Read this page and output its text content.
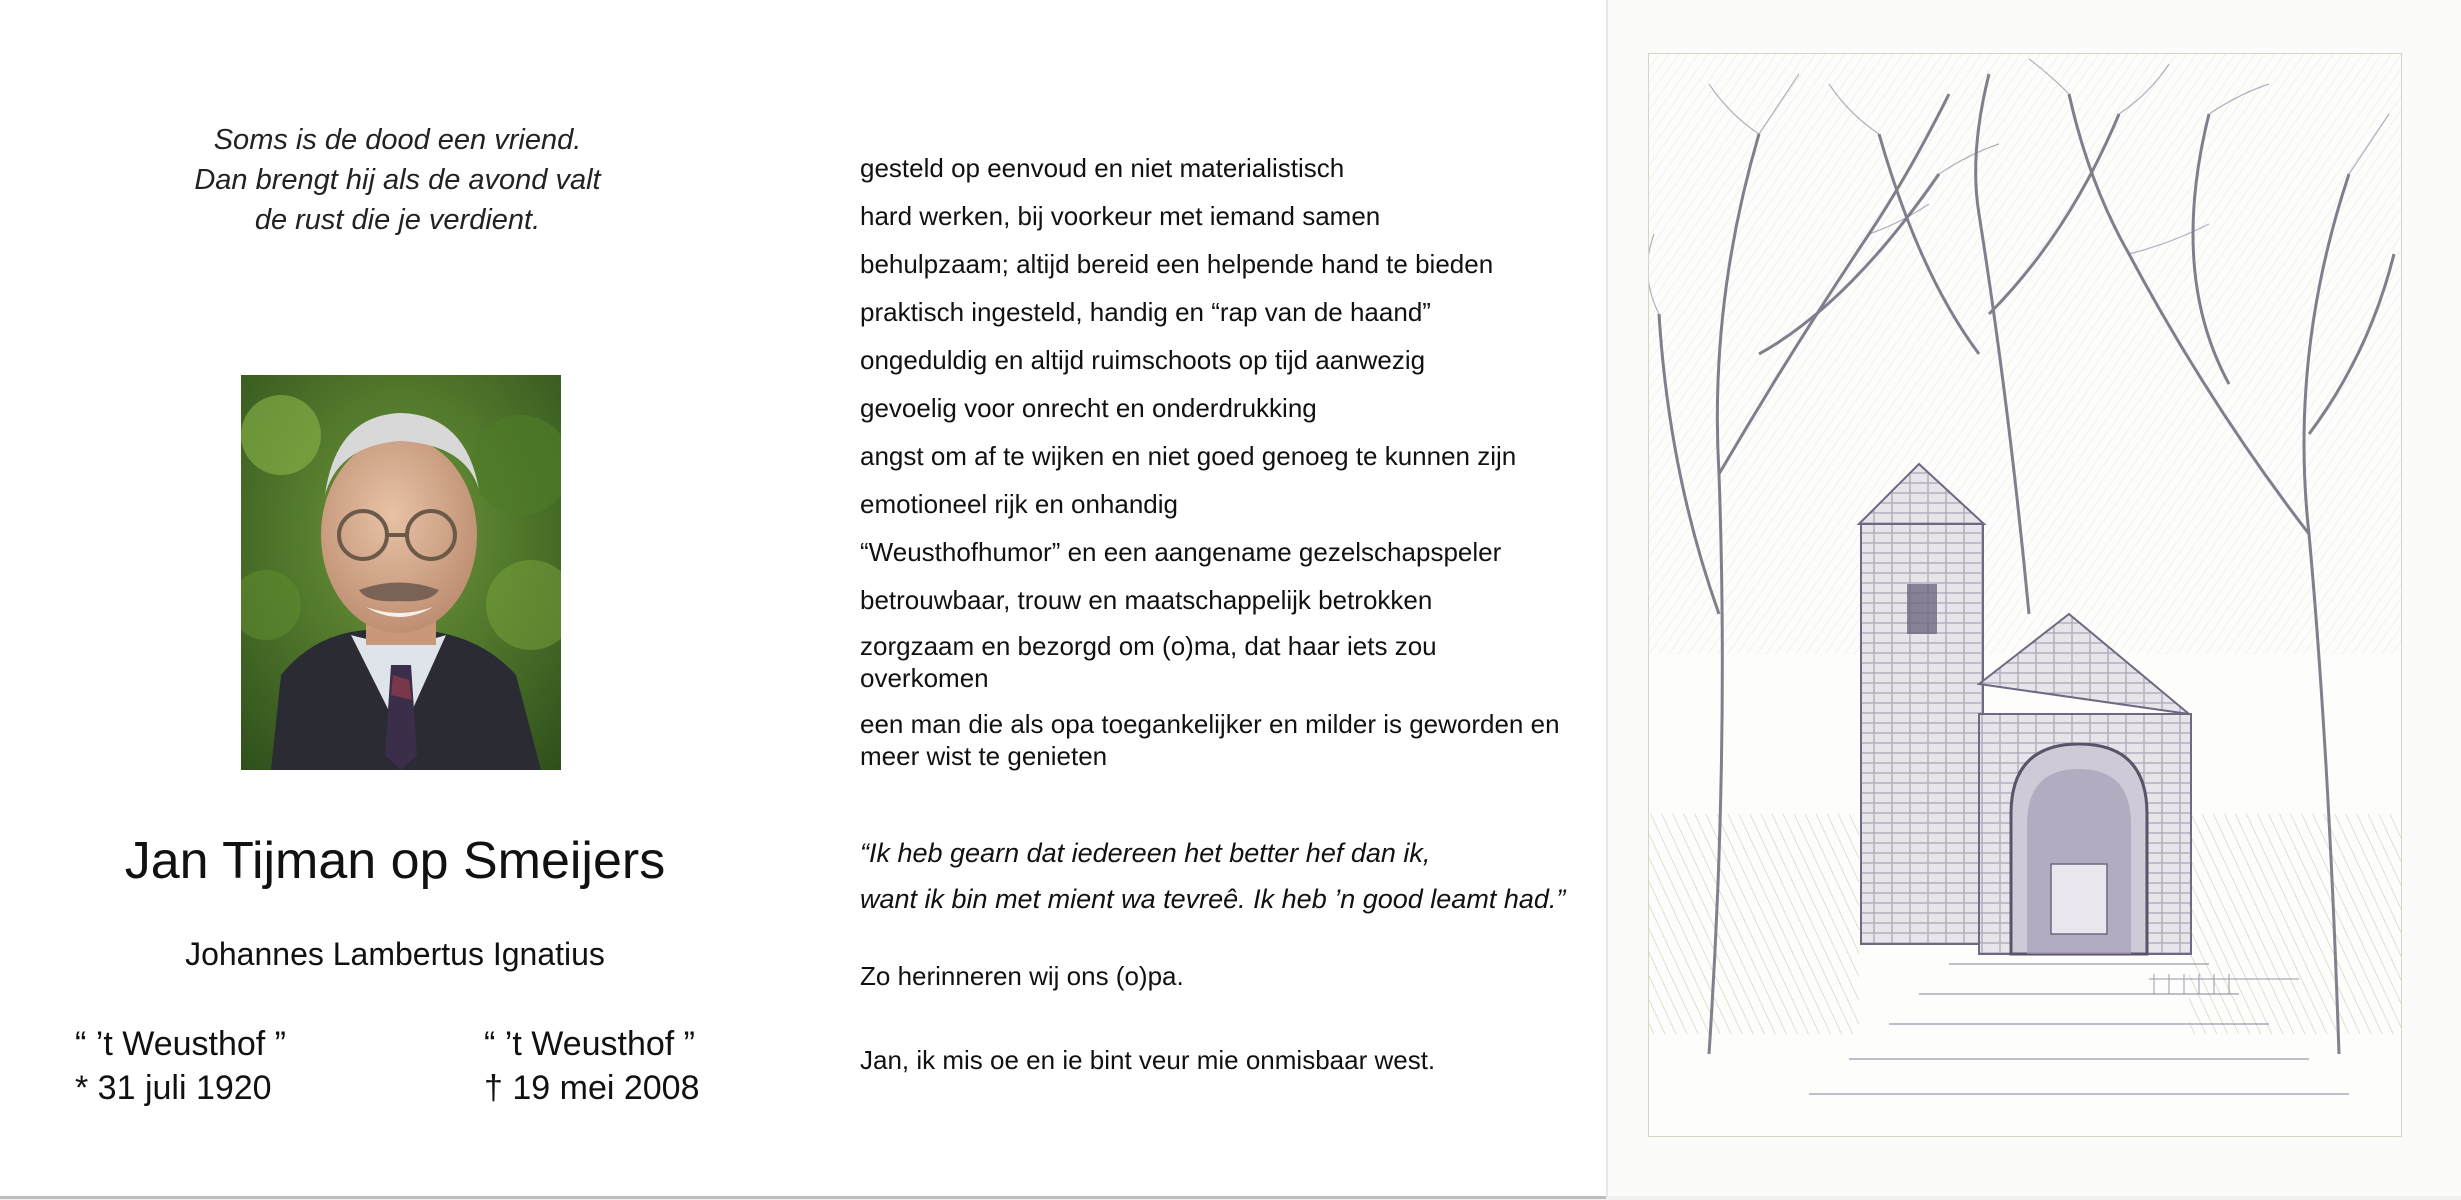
Soms is de dood een vriend.
Dan brengt hij als de avond valt
de rust die je verdient.
Jan Tijman op Smeijers
Johannes Lambertus Ignatius
“ ’t Weusthof ”
* 31 juli 1920
“ ’t Weusthof ”
† 19 mei 2008
gesteld op eenvoud en niet materialistisch
hard werken, bij voorkeur met iemand samen
behulpzaam; altijd bereid een helpende hand te bieden
praktisch ingesteld, handig en “rap van de haand”
ongeduldig en altijd ruimschoots op tijd aanwezig
gevoelig voor onrecht en onderdrukking
angst om af te wijken en niet goed genoeg te kunnen zijn
emotioneel rijk en onhandig
“Weusthofhumor” en een aangename gezelschapspeler
betrouwbaar, trouw en maatschappelijk betrokken
zorgzaam en bezorgd om (o)ma, dat haar iets zou overkomen
een man die als opa toegankelijker en milder is geworden en meer wist te genieten
“Ik heb gearn dat iedereen het better hef dan ik,
want ik bin met mient wa tevreê. Ik heb ’n good leamt had.”
Zo herinneren wij ons (o)pa.
Jan, ik mis oe en ie bint veur mie onmisbaar west.
